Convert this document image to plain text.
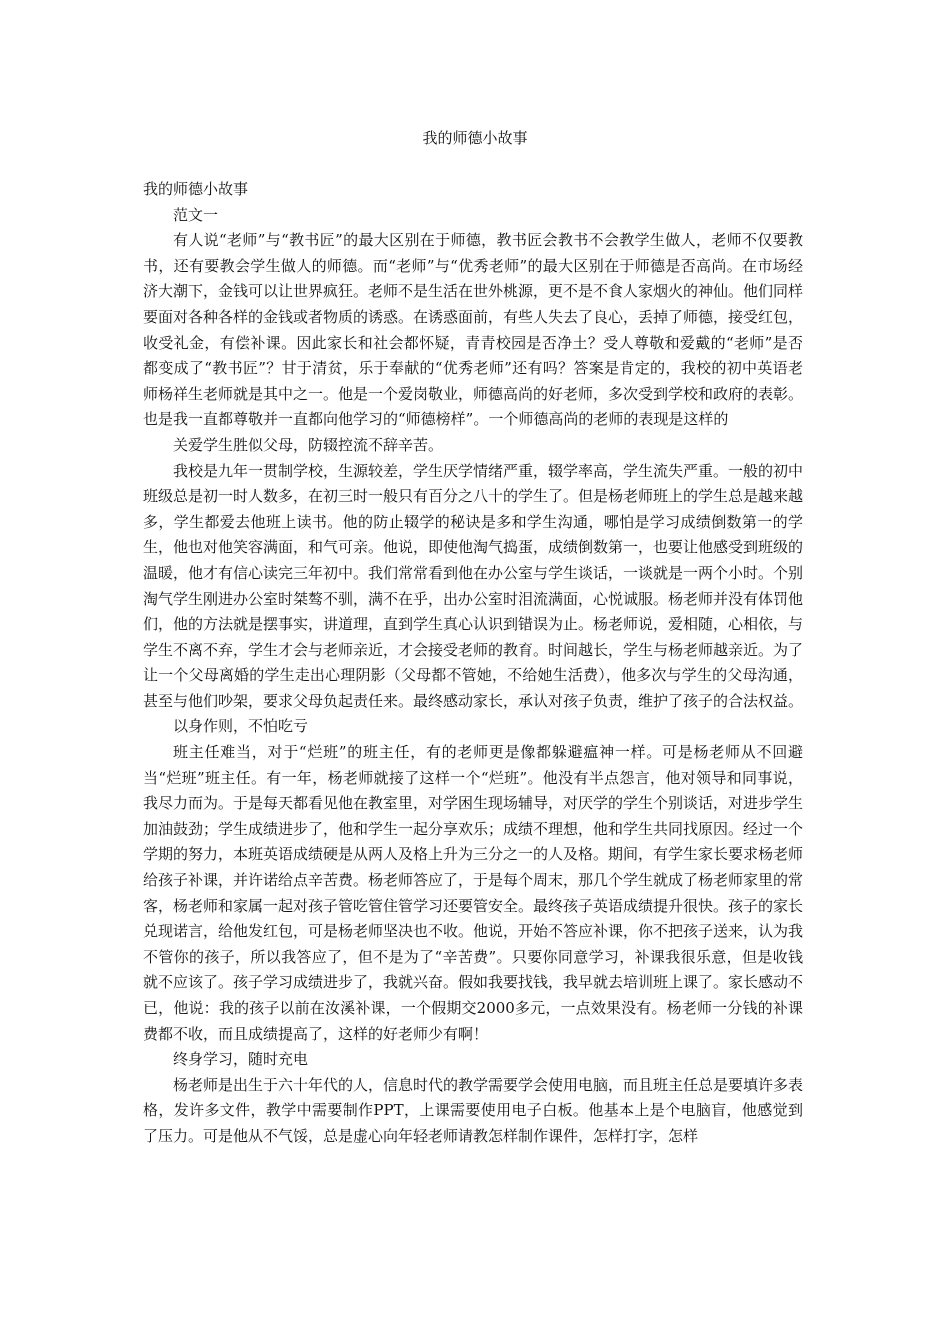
我的师德小故事

我的师德小故事

范文一

有人说“老师”与“教书匠”的最大区别在于师德，教书匠会教书不会教学生做人，老师不仅要教书，还有要教会学生做人的师德。而“老师”与“优秀老师”的最大区别在于师德是否高尚。在市场经济大潮下，金钱可以让世界疯狂。老师不是生活在世外桃源，更不是不食人家烟火的神仙。他们同样要面对各种各样的金钱或者物质的诱惑。在诱惑面前，有些人失去了良心，丢掉了师德，接受红包，收受礼金，有偿补课。因此家长和社会都怀疑，青青校园是否净土？受人尊敬和爱戴的“老师”是否都变成了“教书匠”？甘于清贫，乐于奉献的“优秀老师”还有吗？答案是肯定的，我校的初中英语老师杨祥生老师就是其中之一。他是一个爱岗敬业，师德高尚的好老师，多次受到学校和政府的表彰。也是我一直都尊敬并一直都向他学习的“师德榜样”。一个师德高尚的老师的表现是这样的

关爱学生胜似父母，防辍控流不辞辛苦。

我校是九年一贯制学校，生源较差，学生厌学情绪严重，辍学率高，学生流失严重。一般的初中班级总是初一时人数多，在初三时一般只有百分之八十的学生了。但是杨老师班上的学生总是越来越多，学生都爱去他班上读书。他的防止辍学的秘诀是多和学生沟通，哪怕是学习成绩倒数第一的学生，他也对他笑容满面，和气可亲。他说，即使他淘气捣蛋，成绩倒数第一，也要让他感受到班级的温暖，他才有信心读完三年初中。我们常常看到他在办公室与学生谈话，一谈就是一两个小时。个别淘气学生刚进办公室时桀骜不驯，满不在乎，出办公室时泪流满面，心悦诚服。杨老师并没有体罚他们，他的方法就是摆事实，讲道理，直到学生真心认识到错误为止。杨老师说，爱相随，心相依，与学生不离不弃，学生才会与老师亲近，才会接受老师的教育。时间越长，学生与杨老师越亲近。为了让一个父母离婚的学生走出心理阴影（父母都不管她，不给她生活费），他多次与学生的父母沟通，甚至与他们吵架，要求父母负起责任来。最终感动家长，承认对孩子负责，维护了孩子的合法权益。

以身作则，不怕吃亏

班主任难当，对于“烂班”的班主任，有的老师更是像都躲避瘟神一样。可是杨老师从不回避当“烂班”班主任。有一年，杨老师就接了这样一个“烂班”。他没有半点怨言，他对领导和同事说，我尽力而为。于是每天都看见他在教室里，对学困生现场辅导，对厌学的学生个别谈话，对进步学生加油鼓劲；学生成绩进步了，他和学生一起分享欢乐；成绩不理想，他和学生共同找原因。经过一个学期的努力，本班英语成绩硬是从两人及格上升为三分之一的人及格。期间，有学生家长要求杨老师给孩子补课，并许诺给点辛苦费。杨老师答应了，于是每个周末，那几个学生就成了杨老师家里的常客，杨老师和家属一起对孩子管吃管住管学习还要管安全。最终孩子英语成绩提升很快。孩子的家长兑现诺言，给他发红包，可是杨老师坚决也不收。他说，开始不答应补课，你不把孩子送来，认为我不管你的孩子，所以我答应了，但不是为了“辛苦费”。只要你同意学习，补课我很乐意，但是收钱就不应该了。孩子学习成绩进步了，我就兴奋。假如我要找钱，我早就去培训班上课了。家长感动不已，他说：我的孩子以前在汝溪补课，一个假期交2000多元，一点效果没有。杨老师一分钱的补课费都不收，而且成绩提高了，这样的好老师少有啊！

终身学习，随时充电

杨老师是出生于六十年代的人，信息时代的教学需要学会使用电脑，而且班主任总是要填许多表格，发许多文件，教学中需要制作PPT，上课需要使用电子白板。他基本上是个电脑盲，他感觉到了压力。可是他从不气馁，总是虚心向年轻老师请教怎样制作课件，怎样打字，怎样
